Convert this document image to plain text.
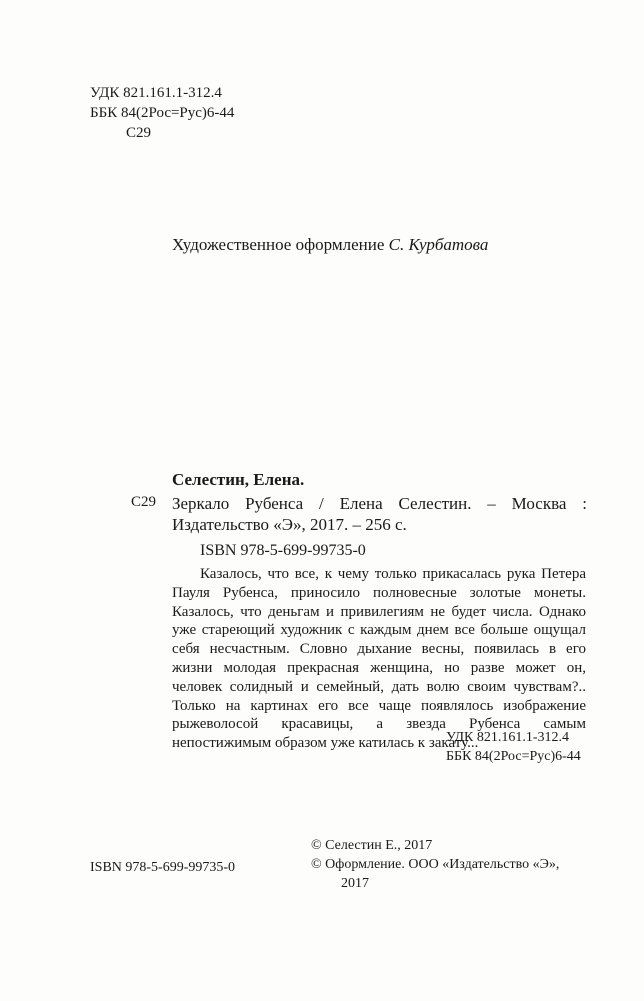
УДК 821.161.1-312.4
ББК 84(2Рос=Рус)6-44
С29
Художественное оформление С. Курбатова
Селестин, Елена.
С29 Зеркало Рубенса / Елена Селестин. – Москва :
Издательство «Э», 2017. – 256 с.
ISBN 978-5-699-99735-0
Казалось, что все, к чему только прикасалась рука Петера Пауля Рубенса, приносило полновесные золотые монеты. Казалось, что деньгам и привилегиям не будет числа. Однако уже стареющий художник с каждым днем все больше ощущал себя несчастным. Словно дыхание весны, появилась в его жизни молодая прекрасная женщина, но разве может он, человек солидный и семейный, дать волю своим чувствам?.. Только на картинах его все чаще появлялось изображение рыжеволосой красавицы, а звезда Рубенса самым непостижимым образом уже катилась к закату...
УДК 821.161.1-312.4
ББК 84(2Рос=Рус)6-44
© Селестин Е., 2017
© Оформление. ООО «Издательство «Э»,
2017
ISBN 978-5-699-99735-0
